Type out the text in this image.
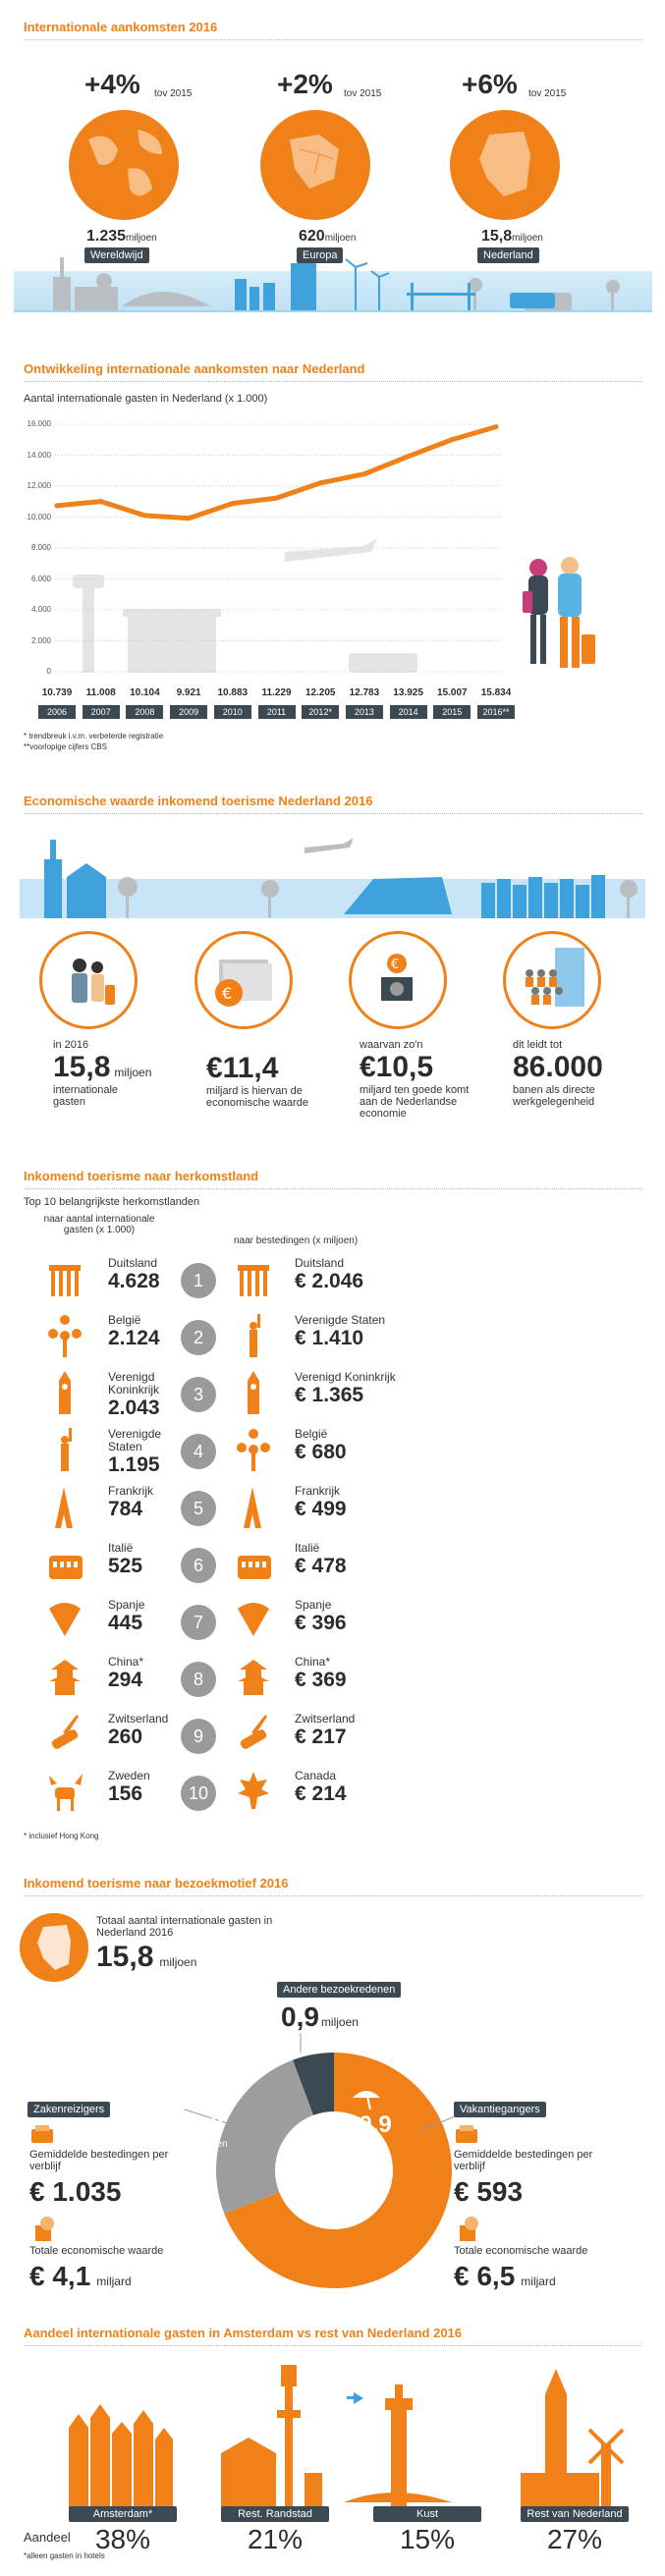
Internationale aankomsten 2016
+4% tov 2015
1.235miljoen
Wereldwijd
+2% tov 2015
620miljoen
Europa
+6% tov 2015
15,8miljoen
Nederland
Ontwikkeling internationale aankomsten naar Nederland
Aantal internationale gasten in Nederland (x 1.000)
* trendbreuk i.v.m. verbeterde registratie
**voorlopige cijfers CBS
Economische waarde inkomend toerisme Nederland 2016
€
€
in 2016
15,8 miljoen
internationale gasten
€11,4
miljard is hiervan de economische waarde
waarvan zo'n
€10,5
miljard ten goede komt aan de Nederlandse economie
dit leidt tot
86.000
banen als directe werkgelegenheid
Inkomend toerisme naar herkomstland
Top 10 belangrijkste herkomstlanden
naar aantal internationale gasten (x 1.000)
naar bestedingen (x miljoen)
Duitsland
4.628	1
Duitsland
€ 2.046
België
2.124	2
Verenigde Staten
€ 1.410
Verenigd Koninkrijk
2.043
3
Verenigd Koninkrijk
€ 1.365
Verenigde Staten
1.195
4
België
€ 680
Frankrijk
784	5
Frankrijk
€ 499
Italië
525	6
Italië
€ 478
Spanje
445	7
Spanje
€ 396
China*
294	8
China*
€ 369
Zwitserland
260	9
Zwitserland
€ 217
Zweden
156	10
Canada
€ 214
* inclusief Hong Kong
Inkomend toerisme naar bezoekmotief 2016
Totaal aantal internationale gasten in Nederland 2016
15,8 miljoen
Andere bezoekredenen
0,9 miljoen
4,0
miljoen
10,9
miljoen
Zakenreizigers
Gemiddelde bestedingen per verblijf
€ 1.035
Totale economische waarde
€ 4,1 miljard
Vakantiegangers
Gemiddelde bestedingen per verblijf
€ 593
Totale economische waarde
€ 6,5 miljard
Aandeel internationale gasten in Amsterdam vs rest van Nederland 2016
Amsterdam*
38%
Rest. Randstad
21%
Kust
15%
Rest van Nederland
27%
Aandeel
*alleen gasten in hotels
0
2.000
4.000
6.000
8.000
10.000
12.000
14.000
16.000
10.739
2006
11.008
2007
10.104
2008
9.921
2009
10.883
2010
11.229
2011
12.205
2012*
12.783
2013
13.925
2014
15.007
2015
15.834
2016**
